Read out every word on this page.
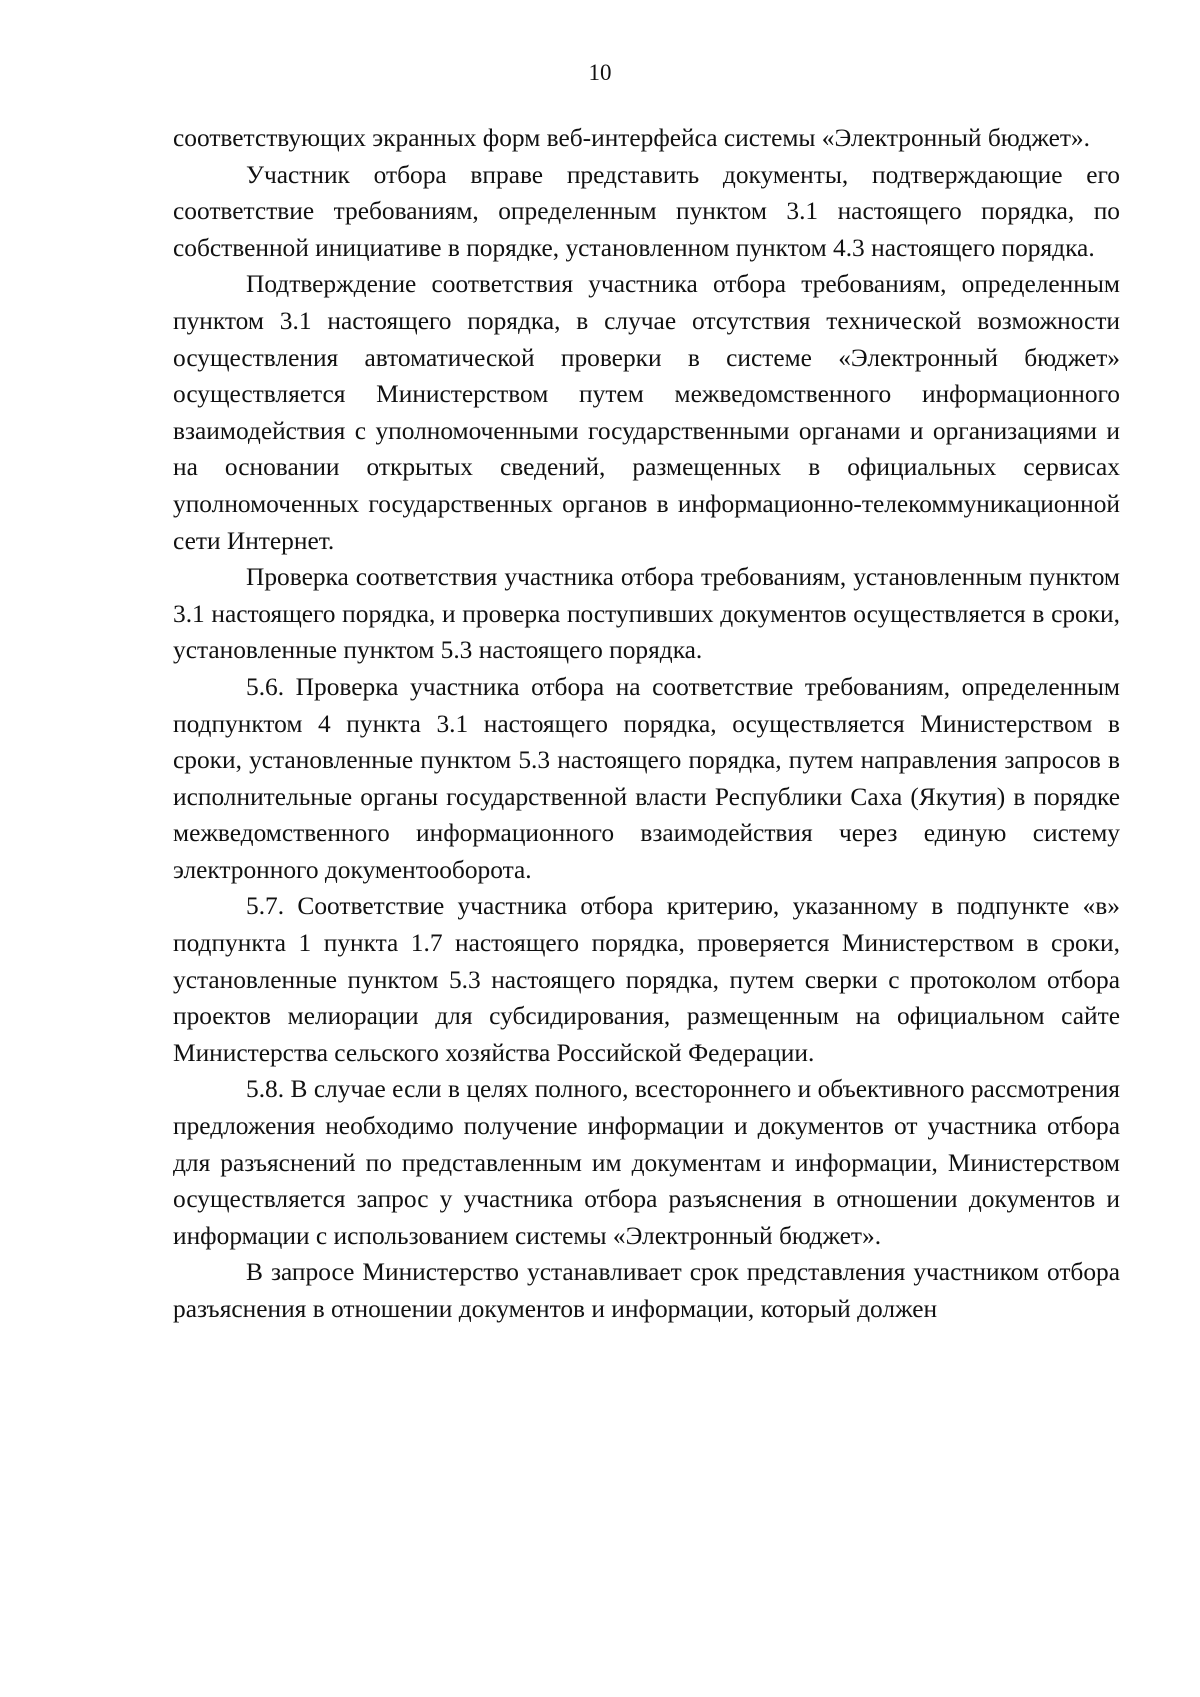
10

соответствующих экранных форм веб-интерфейса системы «Электронный бюджет».

Участник отбора вправе представить документы, подтверждающие его соответствие требованиям, определенным пунктом 3.1 настоящего порядка, по собственной инициативе в порядке, установленном пунктом 4.3 настоящего порядка.

Подтверждение соответствия участника отбора требованиям, определенным пунктом 3.1 настоящего порядка, в случае отсутствия технической возможности осуществления автоматической проверки в системе «Электронный бюджет» осуществляется Министерством путем межведомственного информационного взаимодействия с уполномоченными государственными органами и организациями и на основании открытых сведений, размещенных в официальных сервисах уполномоченных государственных органов в информационно-телекоммуникационной сети Интернет.

Проверка соответствия участника отбора требованиям, установленным пунктом 3.1 настоящего порядка, и проверка поступивших документов осуществляется в сроки, установленные пунктом 5.3 настоящего порядка.

5.6. Проверка участника отбора на соответствие требованиям, определенным подпунктом 4 пункта 3.1 настоящего порядка, осуществляется Министерством в сроки, установленные пунктом 5.3 настоящего порядка, путем направления запросов в исполнительные органы государственной власти Республики Саха (Якутия) в порядке межведомственного информационного взаимодействия через единую систему электронного документооборота.

5.7. Соответствие участника отбора критерию, указанному в подпункте «в» подпункта 1 пункта 1.7 настоящего порядка, проверяется Министерством в сроки, установленные пунктом 5.3 настоящего порядка, путем сверки с протоколом отбора проектов мелиорации для субсидирования, размещенным на официальном сайте Министерства сельского хозяйства Российской Федерации.

5.8. В случае если в целях полного, всестороннего и объективного рассмотрения предложения необходимо получение информации и документов от участника отбора для разъяснений по представленным им документам и информации, Министерством осуществляется запрос у участника отбора разъяснения в отношении документов и информации с использованием системы «Электронный бюджет».

В запросе Министерство устанавливает срок представления участником отбора разъяснения в отношении документов и информации, который должен
